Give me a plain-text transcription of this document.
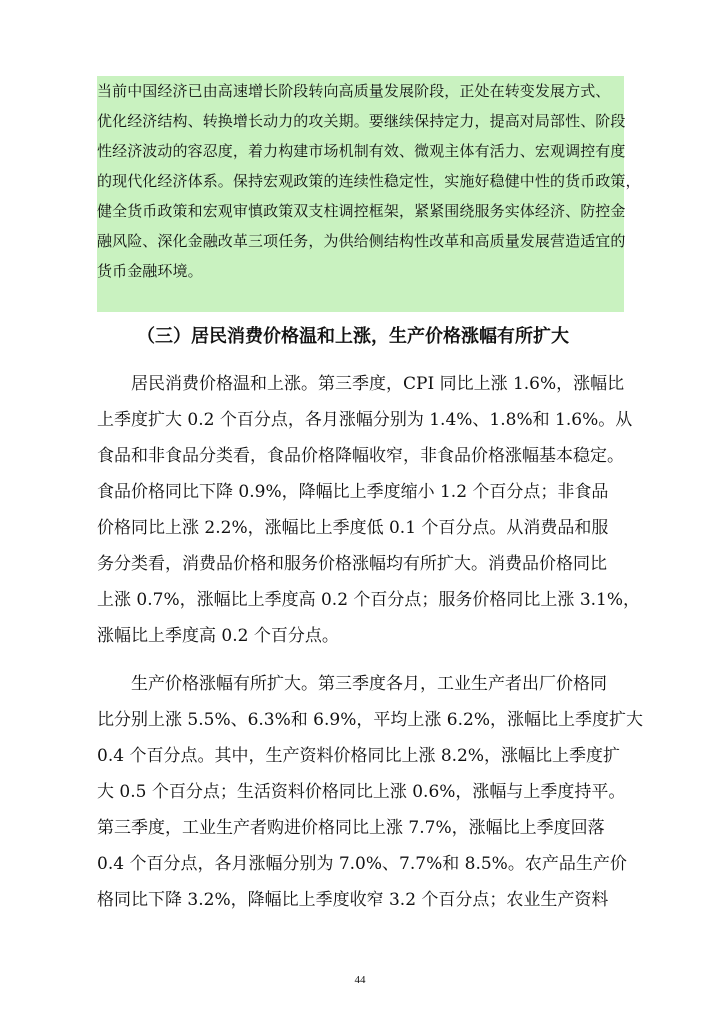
当前中国经济已由高速增长阶段转向高质量发展阶段，正处在转变发展方式、
优化经济结构、转换增长动力的攻关期。要继续保持定力，提高对局部性、阶段
性经济波动的容忍度，着力构建市场机制有效、微观主体有活力、宏观调控有度
的现代化经济体系。保持宏观政策的连续性稳定性，实施好稳健中性的货币政策，
健全货币政策和宏观审慎政策双支柱调控框架，紧紧围绕服务实体经济、防控金
融风险、深化金融改革三项任务，为供给侧结构性改革和高质量发展营造适宜的
货币金融环境。
（三）居民消费价格温和上涨，生产价格涨幅有所扩大
　　居民消费价格温和上涨。第三季度，CPI 同比上涨 1.6%，涨幅比
上季度扩大 0.2 个百分点，各月涨幅分别为 1.4%、1.8%和 1.6%。从
食品和非食品分类看，食品价格降幅收窄，非食品价格涨幅基本稳定。
食品价格同比下降 0.9%，降幅比上季度缩小 1.2 个百分点；非食品
价格同比上涨 2.2%，涨幅比上季度低 0.1 个百分点。从消费品和服
务分类看，消费品价格和服务价格涨幅均有所扩大。消费品价格同比
上涨 0.7%，涨幅比上季度高 0.2 个百分点；服务价格同比上涨 3.1%，
涨幅比上季度高 0.2 个百分点。
　　生产价格涨幅有所扩大。第三季度各月，工业生产者出厂价格同
比分别上涨 5.5%、6.3%和 6.9%，平均上涨 6.2%，涨幅比上季度扩大
0.4 个百分点。其中，生产资料价格同比上涨 8.2%，涨幅比上季度扩
大 0.5 个百分点；生活资料价格同比上涨 0.6%，涨幅与上季度持平。
第三季度，工业生产者购进价格同比上涨 7.7%，涨幅比上季度回落
0.4 个百分点，各月涨幅分别为 7.0%、7.7%和 8.5%。农产品生产价
格同比下降 3.2%，降幅比上季度收窄 3.2 个百分点；农业生产资料
44
